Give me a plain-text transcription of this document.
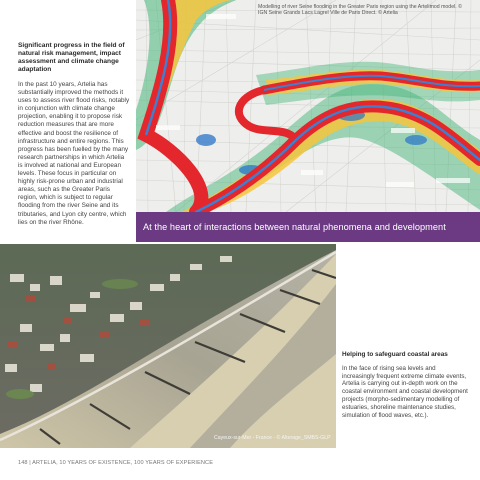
Significant progress in the field of natural risk management, impact assessment and climate change adaptation

In the past 10 years, Artelia has substantially improved the methods it uses to assess river flood risks, notably in conjunction with climate change projection, enabling it to propose risk reduction measures that are more effective and boost the resilience of infrastructure and entire regions. This progress has been fuelled by the many research partnerships in which Artelia is involved at national and European levels. These focus in particular on highly risk-prone urban and industrial areas, such as the Greater Paris region, which is subject to regular flooding from the river Seine and its tributaries, and Lyon city centre, which lies on the river Rhône.

Modelling of river Seine flooding in the Greater Paris region using the Artelimod model. © IGN Seine Grands Lacs Lagrel Ville de Paris Direct. © Artelia
At the heart of interactions between natural phenomena and development
Cayeux-sur-Mer - France - © Alterage_SMBS-GLP
Helping to safeguard coastal areas

In the face of rising sea levels and increasingly frequent extreme climate events, Artelia is carrying out in-depth work on the coastal environment and coastal development projects (morpho-sedimentary modelling of estuaries, shoreline maintenance studies, simulation of flood waves, etc.).

148 | ARTELIA, 10 YEARS OF EXISTENCE, 100 YEARS OF EXPERIENCE
